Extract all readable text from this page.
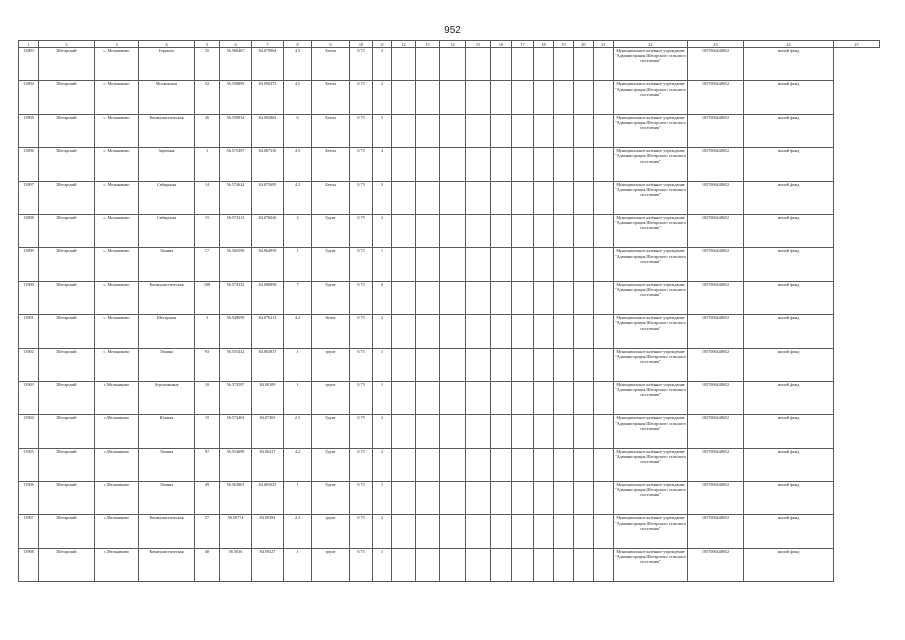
952
1	2	3	4	5	6	7	8	9	10	11	12	13	14	15	16	17	18	19	20	21	22	23	24	25
13893	Шегарский	с. Мельниково	Горького	35	56.566467	84.079964	4.5	Бетон	0.75	3											Муниципальное казённое учреждение "Администрация Шегарского сельского поселения"	1057006448652	жилой фонд	
13894	Шегарский	с. Мельниково	Московская	52	56.558895	84.090473	4.5	Бетон	0.75	2											Муниципальное казённое учреждение "Администрация Шегарского сельского поселения"	1057006448652	жилой фонд	
13895	Шегарский	с. Мельниково	Коммунистическая	26	56.558934	84.092863	6	Бетон	0.75	3											Муниципальное казённое учреждение "Администрация Шегарского сельского поселения"	1057006448652	жилой фонд	
13896	Шегарский	с. Мельниково	Заречная	1	56.575497	84.067336	4.5	Бетон	0.75	4											Муниципальное казённое учреждение "Администрация Шегарского сельского поселения"	1057006448652	жилой фонд	
13897	Шегарский	с. Мельниково	Сибирская	14	56.574624	84.075695	4.2	Бетон	0.75	3											Муниципальное казённое учреждение "Администрация Шегарского сельского поселения"	1057006448652	жилой фонд	
13898	Шегарский	с. Мельниково	Сибирская	15	56.573313	84.076026	2	Грунт	0.75	2											Муниципальное казённое учреждение "Администрация Шегарского сельского поселения"	1057006448652	жилой фонд	
13899	Шегарский	с. Мельниково	Ленина	17	56.566599	84.064959	1	Грунт	0.75	1											Муниципальное казённое учреждение "Администрация Шегарского сельского поселения"	1057006448652	жилой фонд	
13900	Шегарский	с. Мельниково	Коммунистическая	108	56.574352	84.096858	7	Грунт	0.75	6											Муниципальное казённое учреждение "Администрация Шегарского сельского поселения"	1057006448652	жилой фонд	
13901	Шегарский	с. Мельниково	Шегарская	3	56.549699	84.076213	4.2	бетон	0.75	2											Муниципальное казённое учреждение "Администрация Шегарского сельского поселения"	1057006448652	жилой фонд	
13902	Шегарский	с. Мельниково	Ленина	93	56.555432	84.063837	1	грунт	0.75	1											Муниципальное казённое учреждение "Администрация Шегарского сельского поселения"	1057006448652	жилой фонд	
13903	Шегарский	с.Мельниково	Агрохимиков	10	56.573597	84.08109	1	грунт	0.75	1											Муниципальное казённое учреждение "Администрация Шегарского сельского поселения"	1057006448652	жилой фонд	
13904	Шегарский	с.Мельниково	Южная	19	56.573463	84.07365	2.5	Грунт	0.75	2											Муниципальное казённое учреждение "Администрация Шегарского сельского поселения"	1057006448652	жилой фонд	
13905	Шегарский	с.Мельниково	Ленина	97	56.554699	84.06417	4.2	Грунт	0.75	2											Муниципальное казённое учреждение "Администрация Шегарского сельского поселения"	1057006448652	жилой фонд	
13906	Шегарский	с.Мельниково	Ленина	49	56.563801	84.065625	1	Грунт	0.75	1											Муниципальное казённое учреждение "Администрация Шегарского сельского поселения"	1057006448652	жилой фонд	
13907	Шегарский	с.Мельниково	Коммунистическая	57	56.56774	84.09394	2.2	грунт	0.75	2											Муниципальное казённое учреждение "Администрация Шегарского сельского поселения"	1057006448652	жилой фонд	
13908	Шегарский	с.Мельниково	Коммунистическая	40	56.5636	84.09327	1	грунт	0.75	1											Муниципальное казённое учреждение "Администрация Шегарского сельского поселения"	1057006448652	жилой фонд	
